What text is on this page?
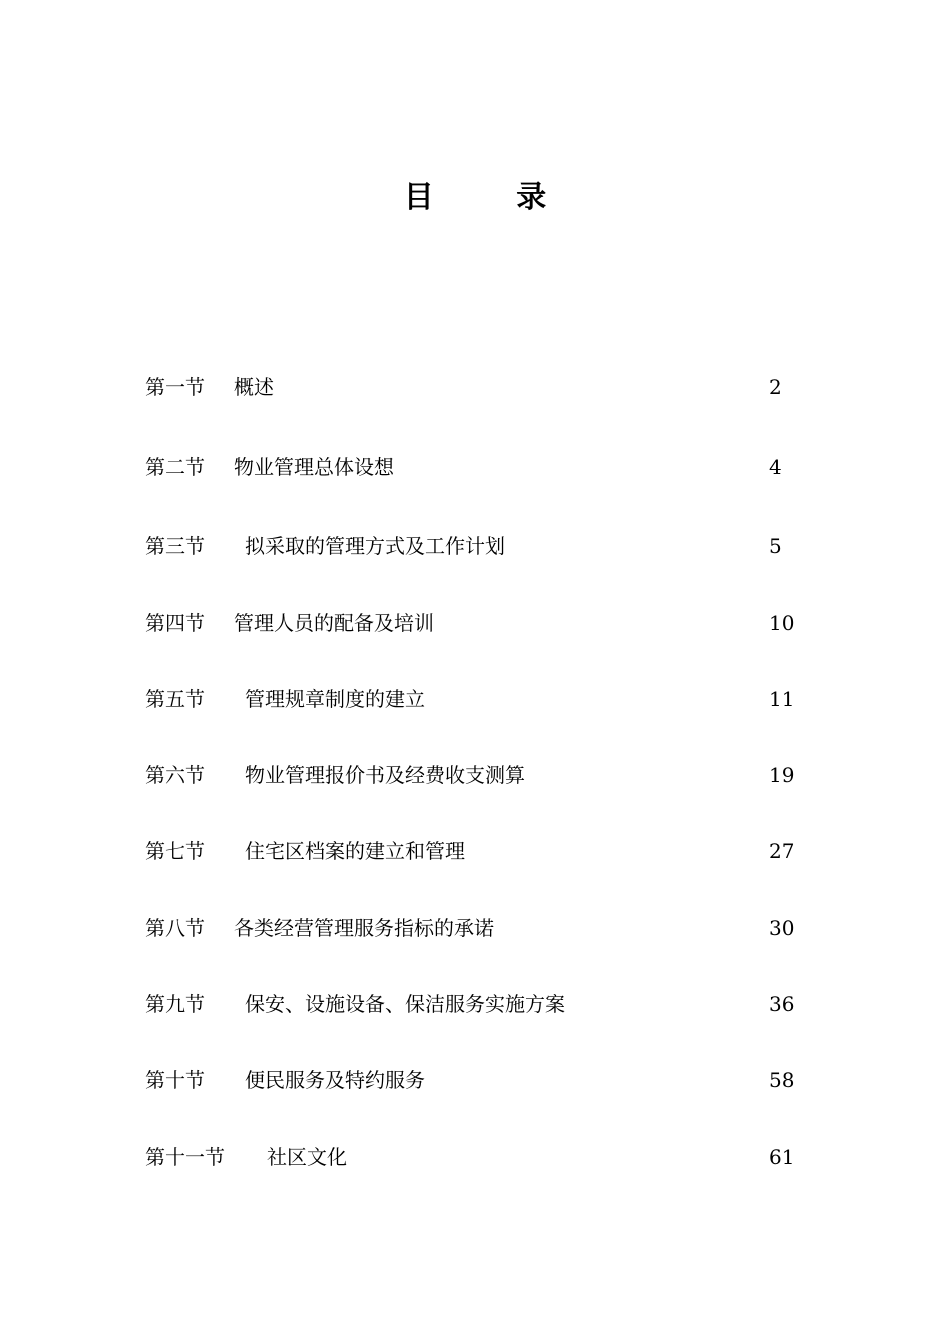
目 录
第一节 概述	2
第二节 物业管理总体设想	4
第三节 拟采取的管理方式及工作计划	5
第四节 管理人员的配备及培训	10
第五节 管理规章制度的建立	11
第六节 物业管理报价书及经费收支测算	19
第七节 住宅区档案的建立和管理	27
第八节 各类经营管理服务指标的承诺	30
第九节 保安、设施设备、保洁服务实施方案	36
第十节 便民服务及特约服务	58
第十一节 社区文化	61
